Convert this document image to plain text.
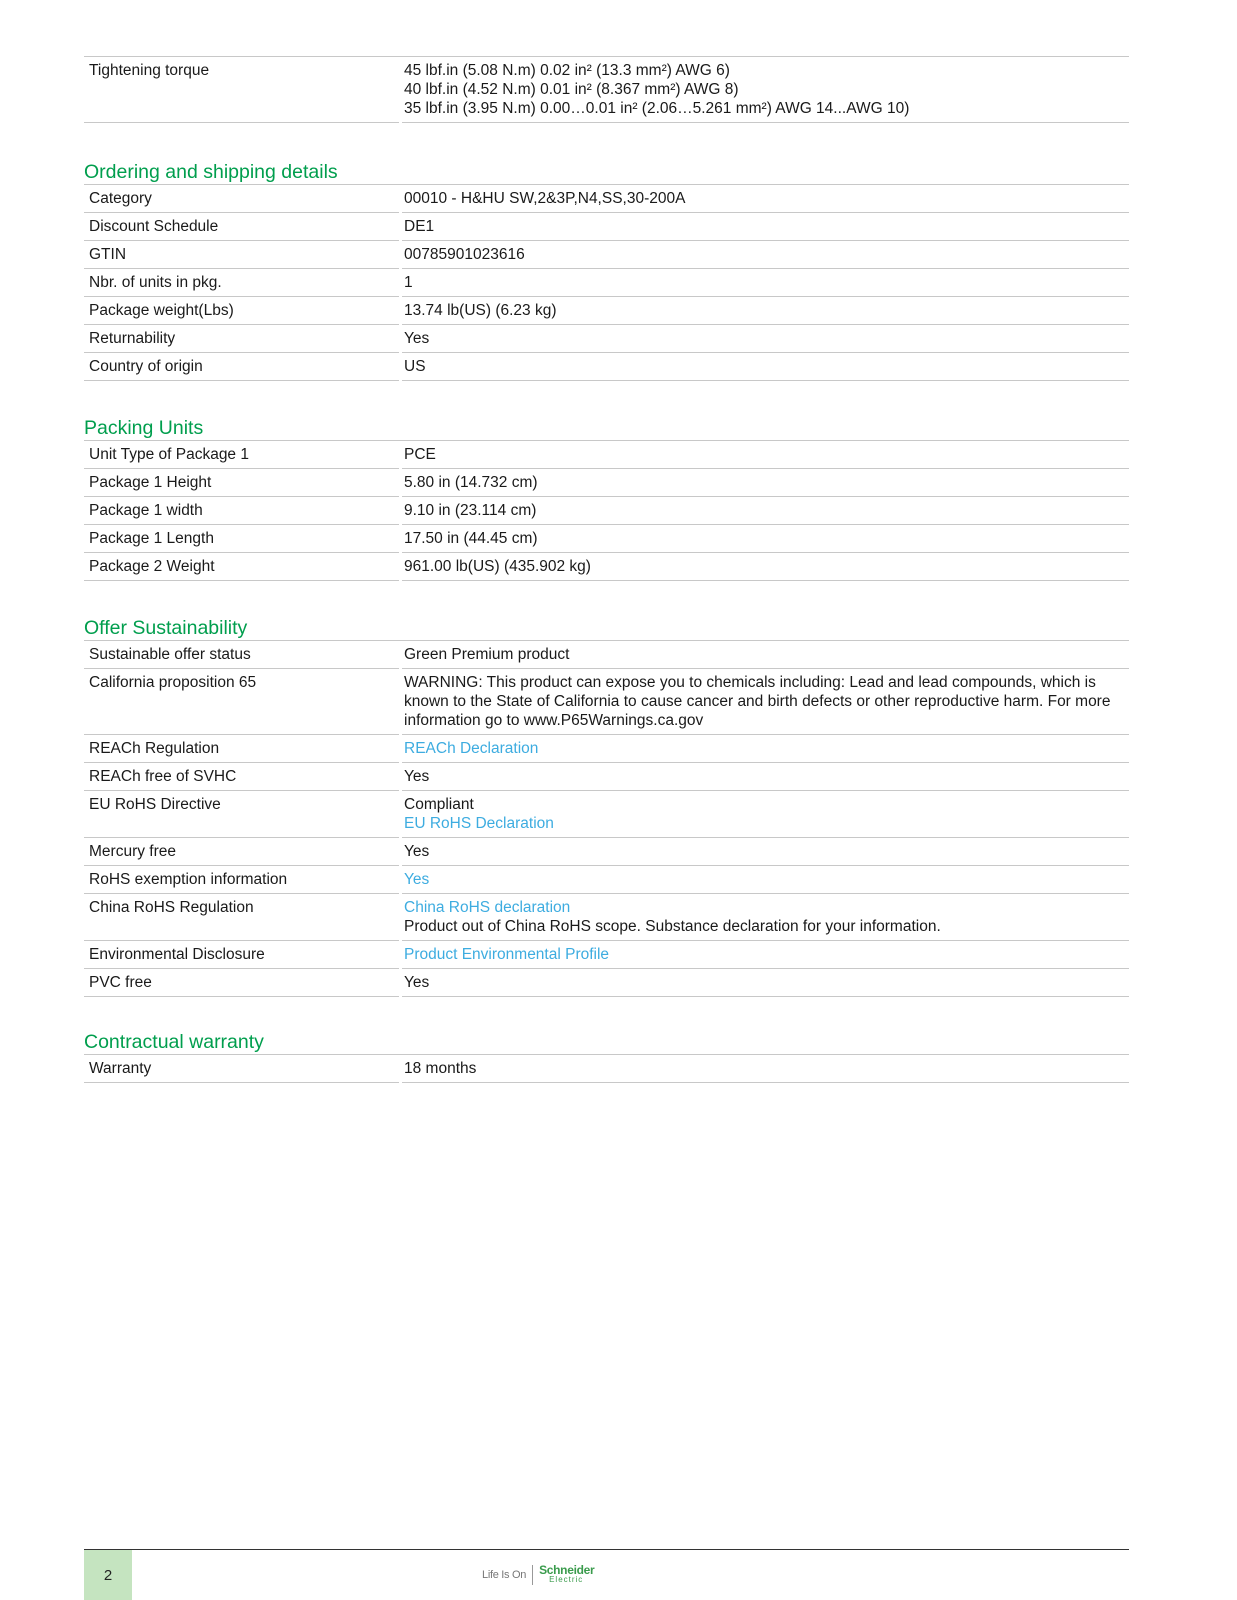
Tightening torque		45 lbf.in (5.08 N.m) 0.02 in² (13.3 mm²) AWG 6)
40 lbf.in (4.52 N.m) 0.01 in² (8.367 mm²) AWG 8)
35 lbf.in (3.95 N.m) 0.00…0.01 in² (2.06…5.261 mm²) AWG 14...AWG 10)
Ordering and shipping details
Category		00010 - H&HU SW,2&3P,N4,SS,30-200A

Discount Schedule		DE1

GTIN		00785901023616

Nbr. of units in pkg.		1

Package weight(Lbs)		13.74 lb(US) (6.23 kg)

Returnability		Yes

Country of origin		US
Packing Units
Unit Type of Package 1		PCE

Package 1 Height		5.80 in (14.732 cm)

Package 1 width		9.10 in (23.114 cm)

Package 1 Length		17.50 in (44.45 cm)

Package 2 Weight		961.00 lb(US) (435.902 kg)
Offer Sustainability
Sustainable offer status		Green Premium product

California proposition 65		WARNING: This product can expose you to chemicals including: Lead and lead compounds, which is known to the State of California to cause cancer and birth defects or other reproductive harm. For more information go to www.P65Warnings.ca.gov

REACh Regulation		REACh Declaration

REACh free of SVHC		Yes

EU RoHS Directive		Compliant
EU RoHS Declaration

Mercury free		Yes

RoHS exemption information		Yes

China RoHS Regulation		China RoHS declaration
Product out of China RoHS scope. Substance declaration for your information.

Environmental Disclosure		Product Environmental Profile

PVC free		Yes
Contractual warranty
Warranty		18 months
2	Life Is On Schneider
Electric
